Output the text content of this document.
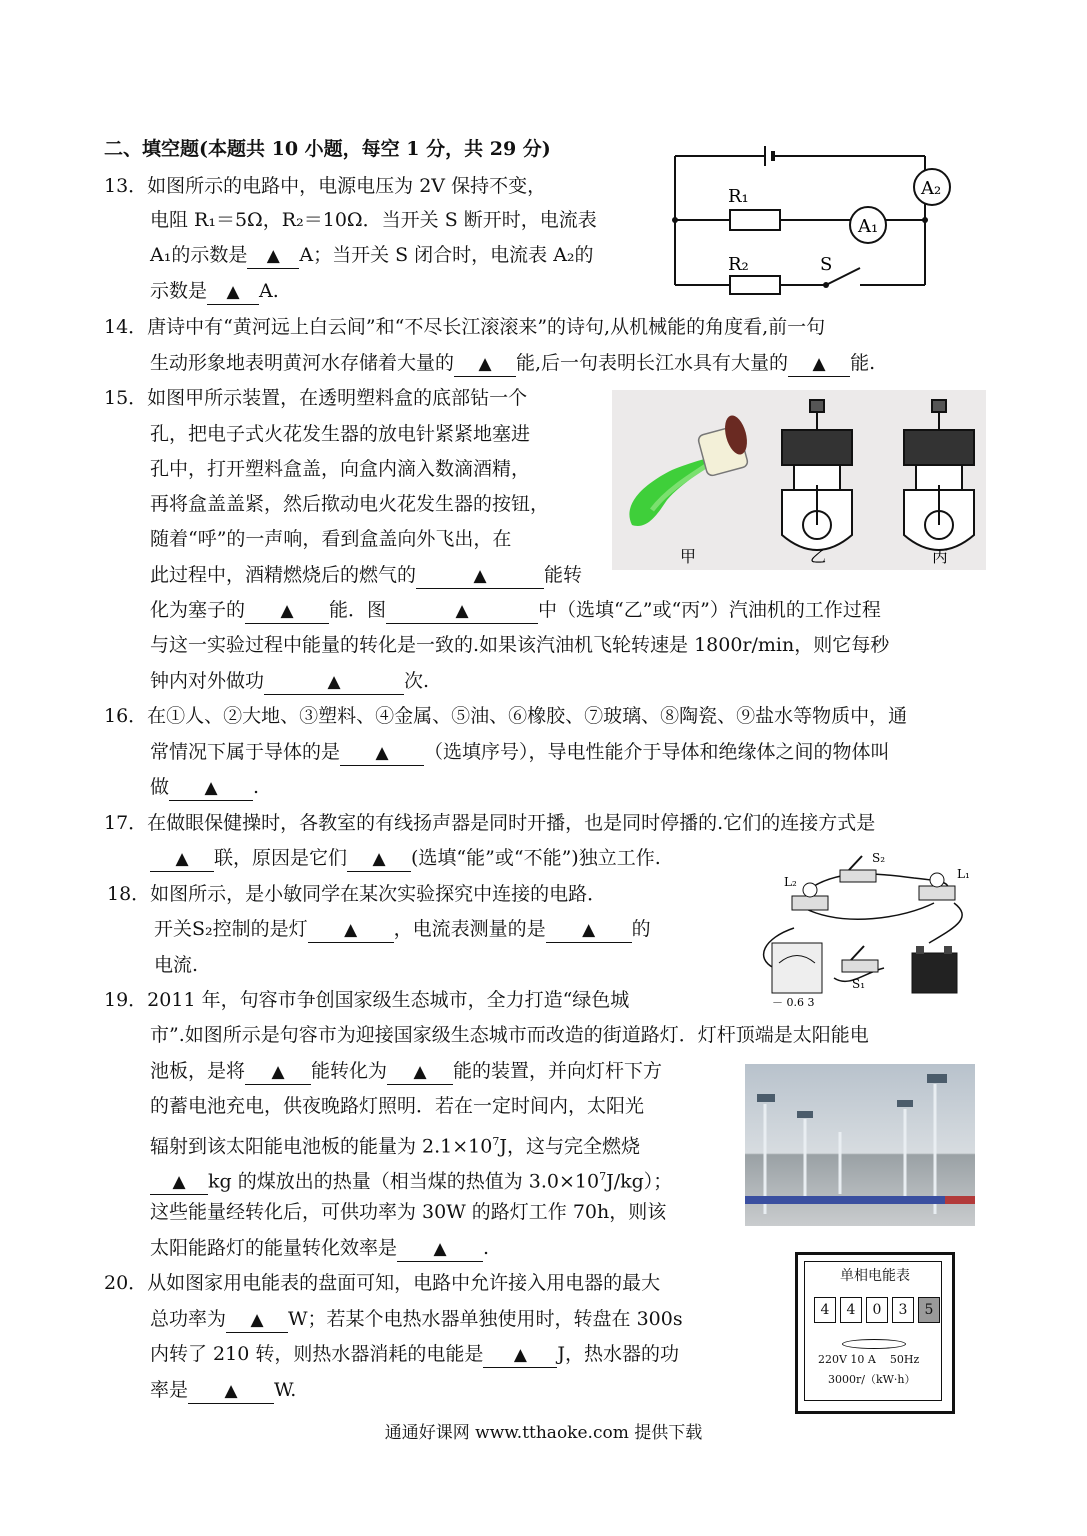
二、填空题(本题共 10 小题，每空 1 分，共 29 分)
13．如图所示的电路中，电源电压为 2V 保持不变，
电阻 R₁＝5Ω，R₂＝10Ω．当开关 S 断开时，电流表
A₁的示数是 ▲ A；当开关 S 闭合时，电流表 A₂的
示数是 ▲ A.
R₁
R₂	S
A₁
A₂
14．唐诗中有“黄河远上白云间”和“不尽长江滚滚来”的诗句,从机械能的角度看,前一句
生动形象地表明黄河水存储着大量的 ▲ 能,后一句表明长江水具有大量的 ▲ 能.
15．如图甲所示装置，在透明塑料盒的底部钻一个
孔，把电子式火花发生器的放电针紧紧地塞进
孔中，打开塑料盒盖，向盒内滴入数滴酒精，
再将盒盖盖紧，然后揿动电火花发生器的按钮，
随着“呼”的一声响，看到盒盖向外飞出，在
此过程中，酒精燃烧后的燃气的	▲	能转
化为塞子的 ▲ 能．图	▲	中（选填“乙”或“丙”）汽油机的工作过程
与这一实验过程中能量的转化是一致的.如果该汽油机飞轮转速是 1800r/min，则它每秒
钟内对外做功	▲	次.
甲	乙	丙
16．在①人、②大地、③塑料、④金属、⑤油、⑥橡胶、⑦玻璃、⑧陶瓷、⑨盐水等物质中，通
常情况下属于导体的是 ▲ （选填序号），导电性能介于导体和绝缘体之间的物体叫
做 ▲ .
17．在做眼保健操时，各教室的有线扬声器是同时开播，也是同时停播的.它们的连接方式是
▲ 联，原因是它们 ▲ (选填“能”或“不能”)独立工作.
18．如图所示，是小敏同学在某次实验探究中连接的电路．
开关S₂控制的是灯 ▲ ，电流表测量的是 ▲ 的
电流.
L₂
S₂
L₁
S₁
－ 0.6 3
19．2011 年，句容市争创国家级生态城市，全力打造“绿色城
市”.如图所示是句容市为迎接国家级生态城市而改造的街道路灯．灯杆顶端是太阳能电
池板，是将 ▲ 能转化为 ▲ 能的装置，并向灯杆下方
的蓄电池充电，供夜晚路灯照明．若在一定时间内，太阳光
辐射到该太阳能电池板的能量为 $2.1\times 10^7J$，这与完全燃烧
▲ kg 的煤放出的热量（相当煤的热值为 $3.0\times 10^7J/kg$）；
这些能量经转化后，可供功率为 30W 的路灯工作 70h，则该
太阳能路灯的能量转化效率是 ▲ .
20．从如图家用电能表的盘面可知，电路中允许接入用电器的最大
总功率为 ▲ W；若某个电热水器单独使用时，转盘在 300s
内转了 210 转，则热水器消耗的电能是 ▲ J，热水器的功
率是 ▲ W.
单相电能表
4	4	0	3	5
220V 10 A    50Hz
3000r/（kW·h）
通通好课网 www.tthaoke.com 提供下载
